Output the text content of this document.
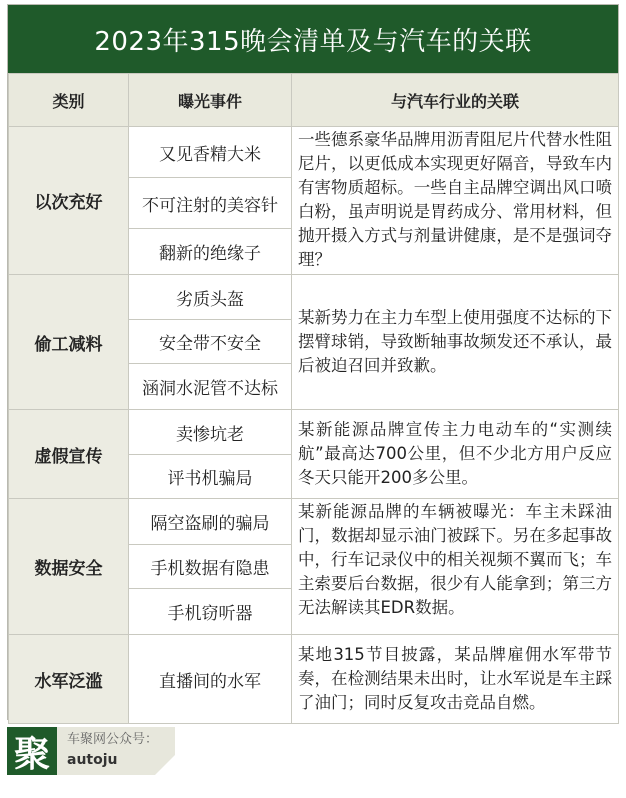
2023年315晚会清单及与汽车的关联
类别	曝光事件	与汽车行业的关联
以次充好	又见香精大米	一些德系豪华品牌用沥青阻尼片代替水性阻尼片，以更低成本实现更好隔音，导致车内有害物质超标。一些自主品牌空调出风口喷白粉，虽声明说是胃药成分、常用材料，但抛开摄入方式与剂量讲健康，是不是强词夺理？
	不可注射的美容针	
	翻新的绝缘子	
偷工减料	劣质头盔	某新势力在主力车型上使用强度不达标的下摆臂球销，导致断轴事故频发还不承认，最后被迫召回并致歉。
	安全带不安全	
	涵洞水泥管不达标	
虚假宣传	卖惨坑老	某新能源品牌宣传主力电动车的“实测续航”最高达700公里，但不少北方用户反应冬天只能开200多公里。
	评书机骗局	
数据安全	隔空盗刷的骗局	某新能源品牌的车辆被曝光：车主未踩油门，数据却显示油门被踩下。另在多起事故中，行车记录仪中的相关视频不翼而飞；车主索要后台数据，很少有人能拿到；第三方无法解读其EDR数据。
	手机数据有隐患	
	手机窃听器	
水军泛滥	直播间的水军	某地315节目披露，某品牌雇佣水军带节奏，在检测结果未出时，让水军说是车主踩了油门；同时反复攻击竞品自燃。
聚	车聚网公众号：
autoju
